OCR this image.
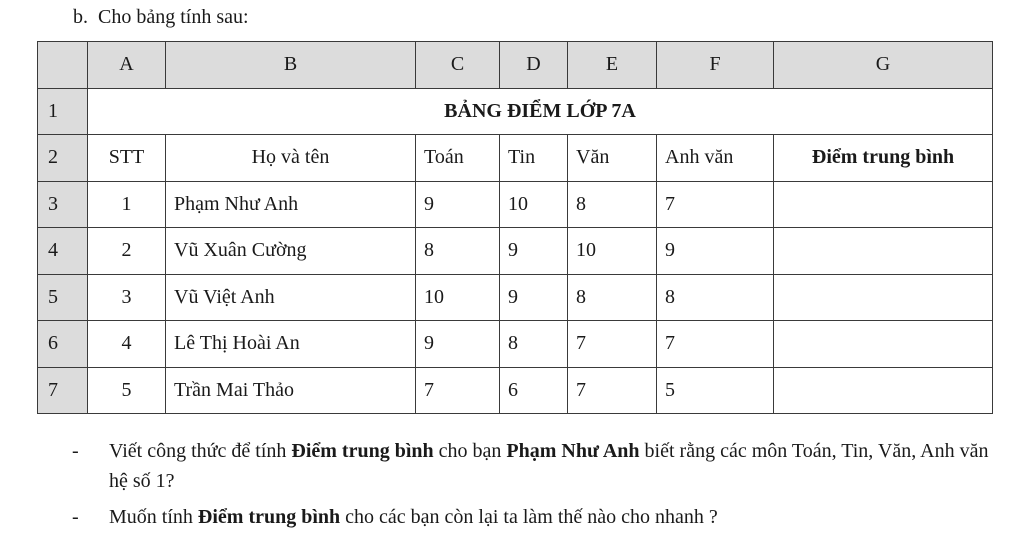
b. Cho bảng tính sau:
	A	B	C	D	E	F	G
1	BẢNG ĐIỂM LỚP 7A						
2	STT	Họ và tên	Toán	Tin	Văn	Anh văn	Điểm trung bình
3	1	Phạm Như Anh	9	10	8	7	
4	2	Vũ Xuân Cường	8	9	10	9	
5	3	Vũ Việt Anh	10	9	8	8	
6	4	Lê Thị Hoài An	9	8	7	7	
7	5	Trần Mai Thảo	7	6	7	5	
-	Viết công thức để tính Điểm trung bình cho bạn Phạm Như Anh biết rằng các môn Toán, Tin, Văn, Anh văn hệ số 1?
-	Muốn tính Điểm trung bình cho các bạn còn lại ta làm thế nào cho nhanh ?
